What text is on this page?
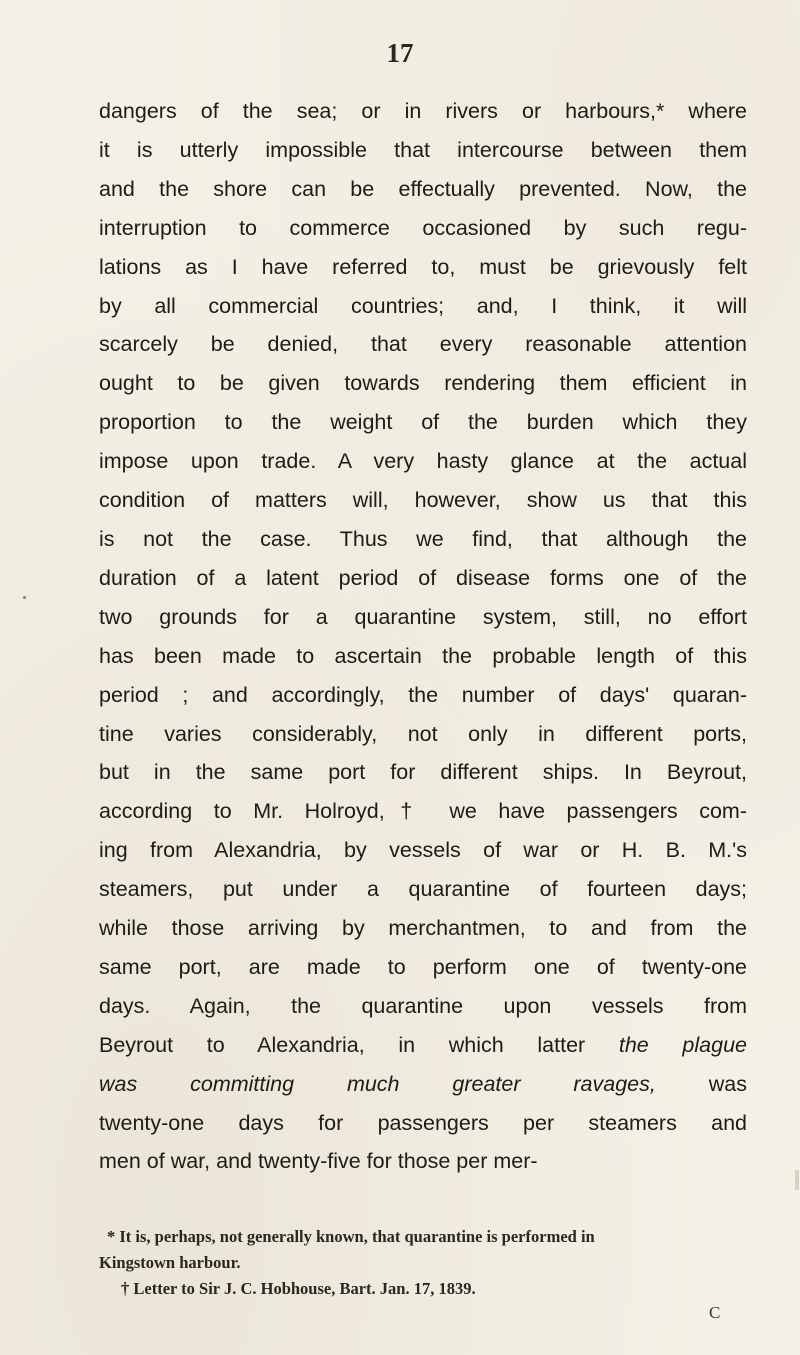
17
dangers of the sea; or in rivers or harbours,* where
it is utterly impossible that intercourse between them
and the shore can be effectually prevented. Now, the
interruption to commerce occasioned by such regu-
lations as I have referred to, must be grievously felt
by all commercial countries; and, I think, it will
scarcely be denied, that every reasonable attention
ought to be given towards rendering them efficient in
proportion to the weight of the burden which they
impose upon trade. A very hasty glance at the actual
condition of matters will, however, show us that this
is not the case. Thus we find, that although the
duration of a latent period of disease forms one of the
two grounds for a quarantine system, still, no effort
has been made to ascertain the probable length of this
period ; and accordingly, the number of days' quaran-
tine varies considerably, not only in different ports,
but in the same port for different ships. In Beyrout,
according to Mr. Holroyd,† we have passengers com-
ing from Alexandria, by vessels of war or H. B. M.'s
steamers, put under a quarantine of fourteen days;
while those arriving by merchantmen, to and from the
same port, are made to perform one of twenty-one
days. Again, the quarantine upon vessels from
Beyrout to Alexandria, in which latter the plague
was committing much greater ravages, was
twenty-one days for passengers per steamers and
men of war, and twenty-five for those per mer-
* It is, perhaps, not generally known, that quarantine is performed in
Kingstown harbour.
† Letter to Sir J. C. Hobhouse, Bart. Jan. 17, 1839.
C
